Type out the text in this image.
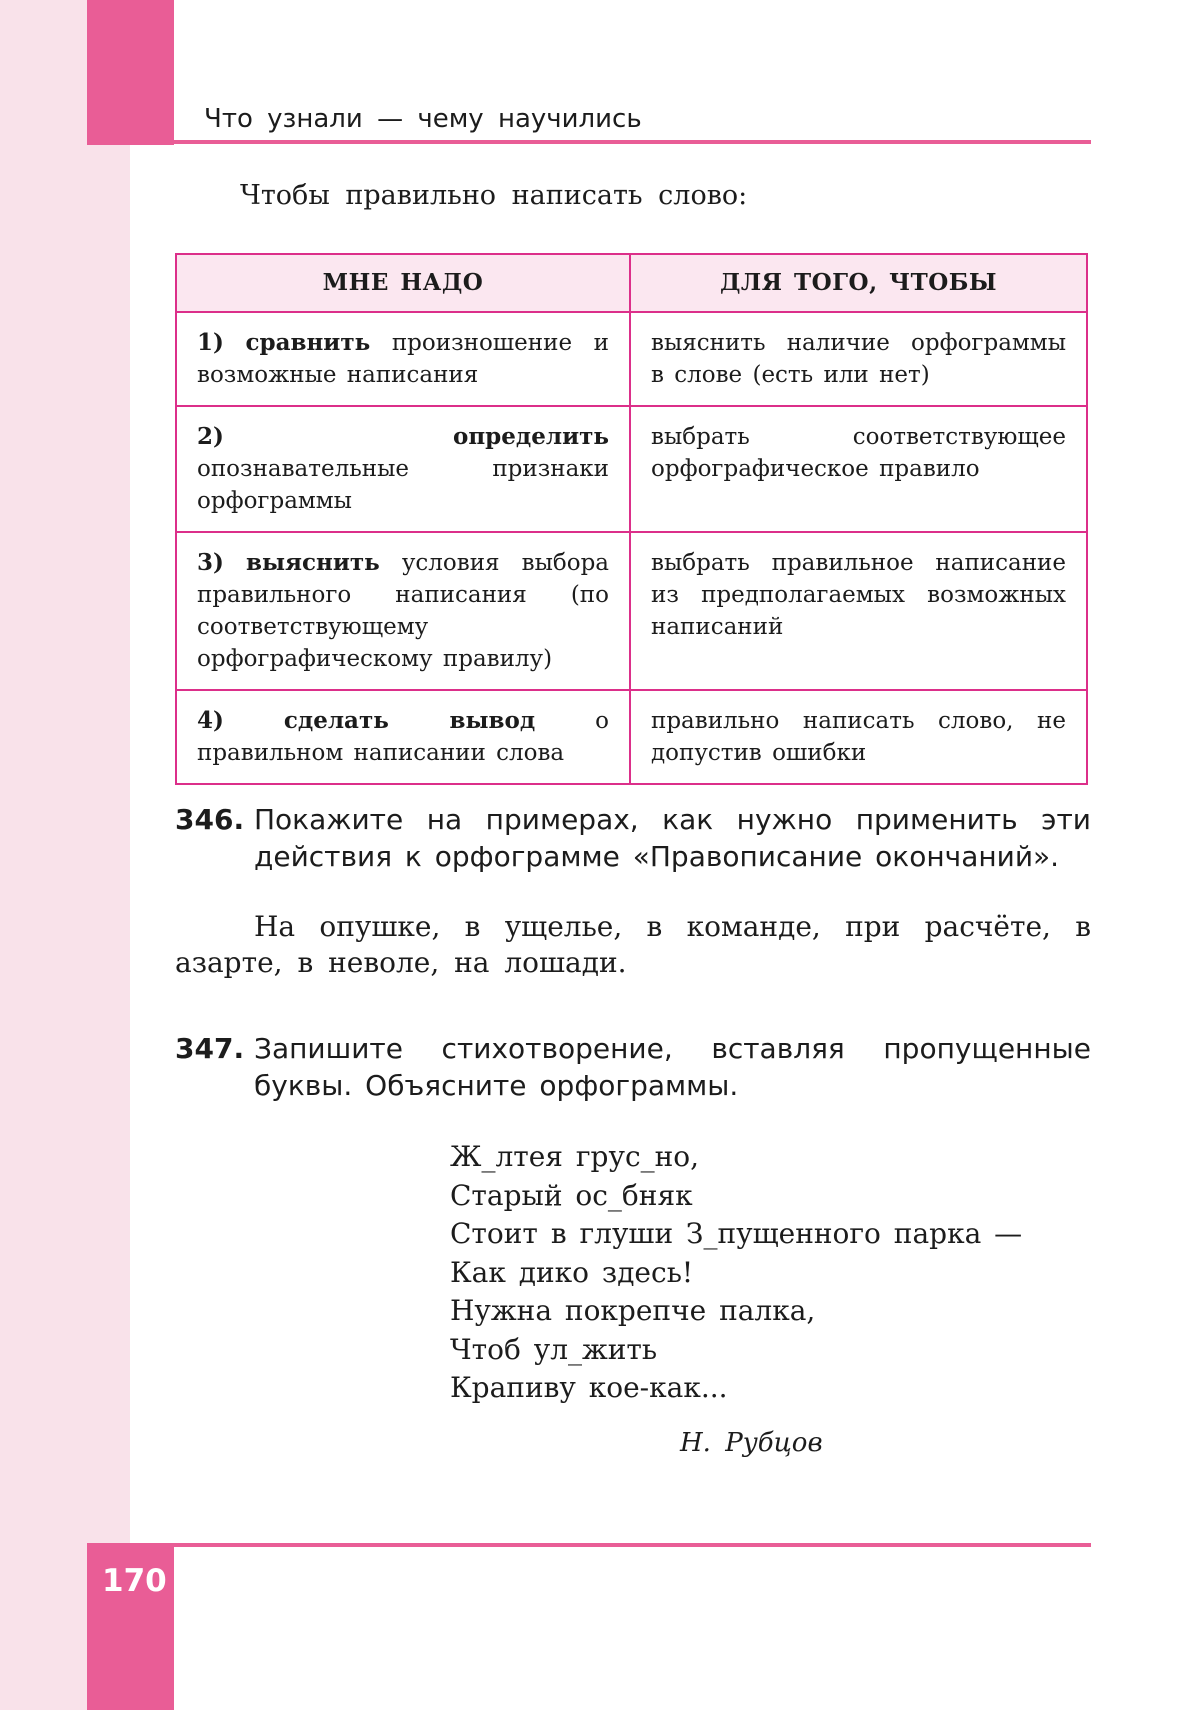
Что узнали — чему научились
Чтобы правильно написать слово:
МНЕ НАДО	ДЛЯ ТОГО, ЧТОБЫ
1) сравнить произношение и возможные написания	выяснить наличие орфограммы в слове (есть или нет)
2)	определить опознавательные признаки орфограммы	выбрать соответствующее орфографическое правило
3) выяснить условия выбора правильного написания (по соответствующему орфографическому правилу)	выбрать правильное написание из предполагаемых возможных написаний
4)	сделать вывод	о правильном написании слова	правильно написать слово, не допустив ошибки
346. Покажите на примерах, как нужно применить эти действия к орфограмме «Правописание окончаний».
На опушке, в ущелье, в команде, при расчёте, в азарте, в неволе, на лошади.
347. Запишите стихотворение, вставляя пропущенные буквы. Объясните орфограммы.
Ж_лтея грус_но,
Старый ос_бняк
Стоит в глуши З_пущенного парка —
Как дико здесь!
Нужна покрепче палка,
Чтоб ул_жить
Крапиву кое-как...
Н. Рубцов
170
